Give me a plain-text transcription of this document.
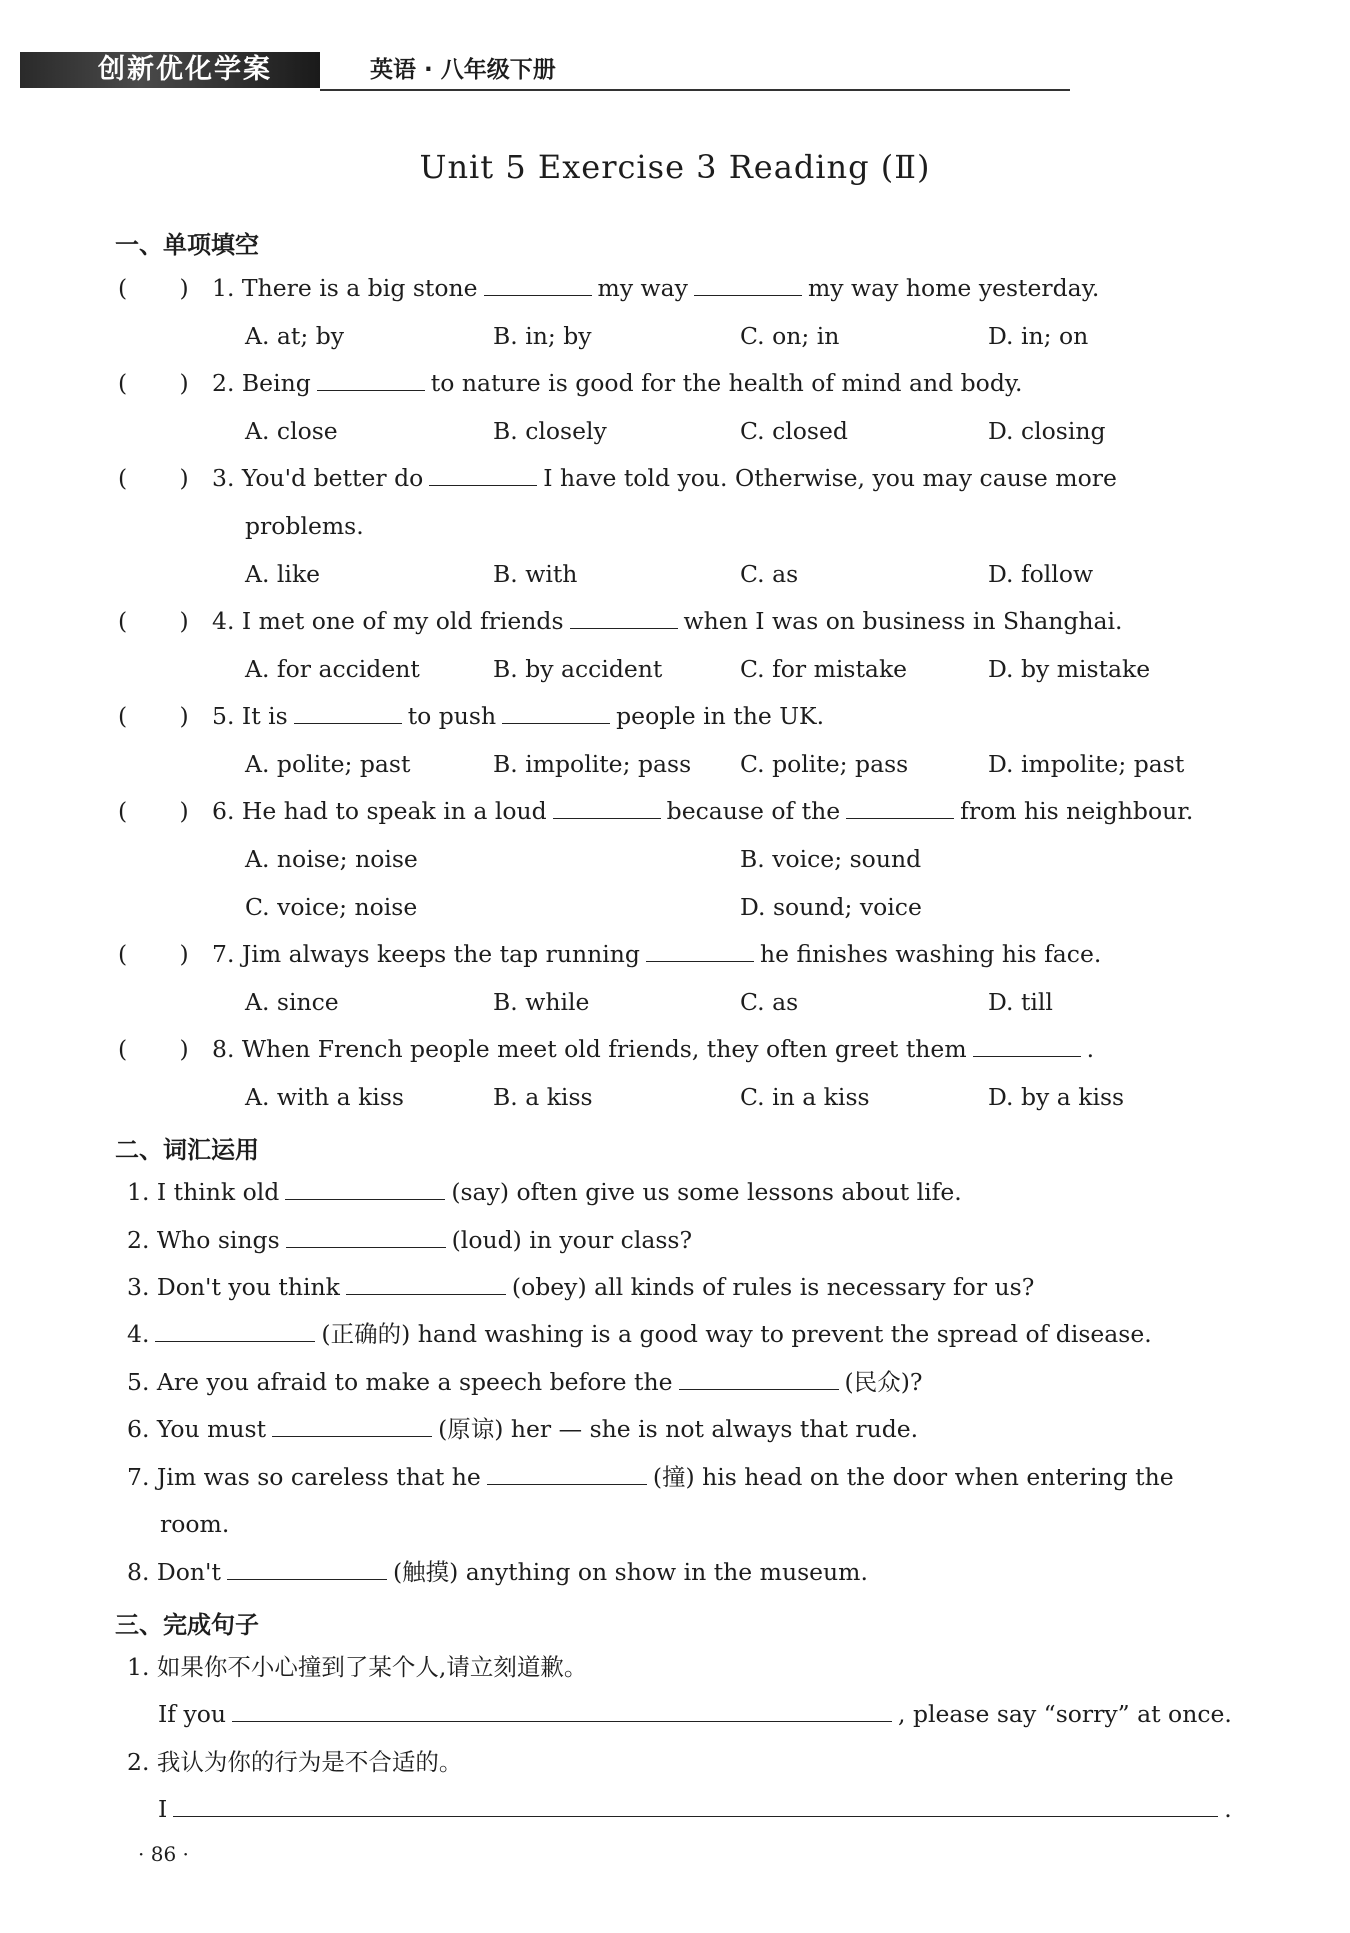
创新优化学案	英语 · 八年级下册
Unit 5 Exercise 3 Reading (Ⅱ)
一、单项填空
(       ) 1. There is a big stone	my way	my way home yesterday.
A. at; by	B. in; by	C. on; in	D. in; on
(       ) 2. Being	to nature is good for the health of mind and body.
A. close	B. closely	C. closed	D. closing
(       ) 3. You'd better do	I have told you. Otherwise, you may cause more
problems.
A. like	B. with	C. as	D. follow
(       ) 4. I met one of my old friends	when I was on business in Shanghai.
A. for accident	B. by accident	C. for mistake	D. by mistake
(       ) 5. It is	to push	people in the UK.
A. polite; past	B. impolite; pass C. polite; pass	D. impolite; past
(       ) 6. He had to speak in a loud	because of the	from his neighbour.
A. noise; noise	B. voice; sound
C. voice; noise	D. sound; voice
(       ) 7. Jim always keeps the tap running	he finishes washing his face.
A. since	B. while	C. as	D. till
(       ) 8. When French people meet old friends, they often greet them	.
A. with a kiss	B. a kiss	C. in a kiss	D. by a kiss
二、词汇运用
1. I think old	(say) often give us some lessons about life.
2. Who sings	(loud) in your class?
3. Don't you think	(obey) all kinds of rules is necessary for us?
4.	(正确的) hand washing is a good way to prevent the spread of disease.
5. Are you afraid to make a speech before the	(民众)?
6. You must	(原谅) her — she is not always that rude.
7. Jim was so careless that he	(撞) his head on the door when entering the
room.
8. Don't	(触摸) anything on show in the museum.
三、完成句子
1. 如果你不小心撞到了某个人,请立刻道歉。
If you	, please say “sorry” at once.
2. 我认为你的行为是不合适的。
I	.
· 86 ·
